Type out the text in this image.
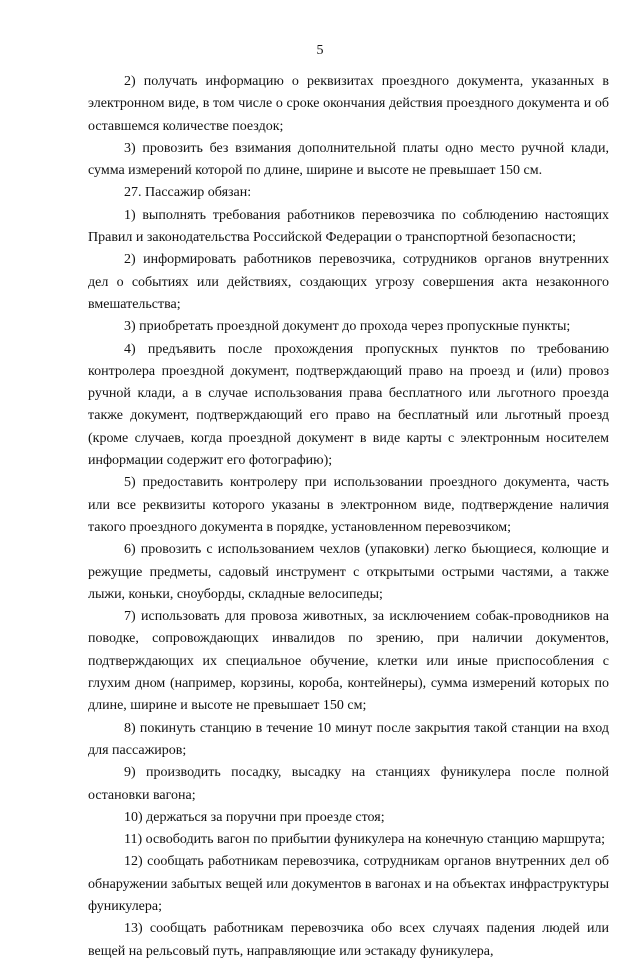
5

2) получать информацию о реквизитах проездного документа, указанных в электронном виде, в том числе о сроке окончания действия проездного документа и об оставшемся количестве поездок;

3) провозить без взимания дополнительной платы одно место ручной клади, сумма измерений которой по длине, ширине и высоте не превышает 150 см.

27. Пассажир обязан:

1) выполнять требования работников перевозчика по соблюдению настоящих Правил и законодательства Российской Федерации о транспортной безопасности;

2) информировать работников перевозчика, сотрудников органов внутренних дел о событиях или действиях, создающих угрозу совершения акта незаконного вмешательства;

3) приобретать проездной документ до прохода через пропускные пункты;

4) предъявить после прохождения пропускных пунктов по требованию контролера проездной документ, подтверждающий право на проезд и (или) провоз ручной клади, а в случае использования права бесплатного или льготного проезда также документ, подтверждающий его право на бесплатный или льготный проезд (кроме случаев, когда проездной документ в виде карты с электронным носителем информации содержит его фотографию);

5) предоставить контролеру при использовании проездного документа, часть или все реквизиты которого указаны в электронном виде, подтверждение наличия такого проездного документа в порядке, установленном перевозчиком;

6) провозить с использованием чехлов (упаковки) легко бьющиеся, колющие и режущие предметы, садовый инструмент с открытыми острыми частями, а также лыжи, коньки, сноуборды, складные велосипеды;

7) использовать для провоза животных, за исключением собак-проводников на поводке, сопровождающих инвалидов по зрению, при наличии документов, подтверждающих их специальное обучение, клетки или иные приспособления с глухим дном (например, корзины, короба, контейнеры), сумма измерений которых по длине, ширине и высоте не превышает 150 см;

8) покинуть станцию в течение 10 минут после закрытия такой станции на вход для пассажиров;

9) производить посадку, высадку на станциях фуникулера после полной остановки вагона;

10) держаться за поручни при проезде стоя;

11) освободить вагон по прибытии фуникулера на конечную станцию маршрута;

12) сообщать работникам перевозчика, сотрудникам органов внутренних дел об обнаружении забытых вещей или документов в вагонах и на объектах инфраструктуры фуникулера;

13) сообщать работникам перевозчика обо всех случаях падения людей или вещей на рельсовый путь, направляющие или эстакаду фуникулера,
